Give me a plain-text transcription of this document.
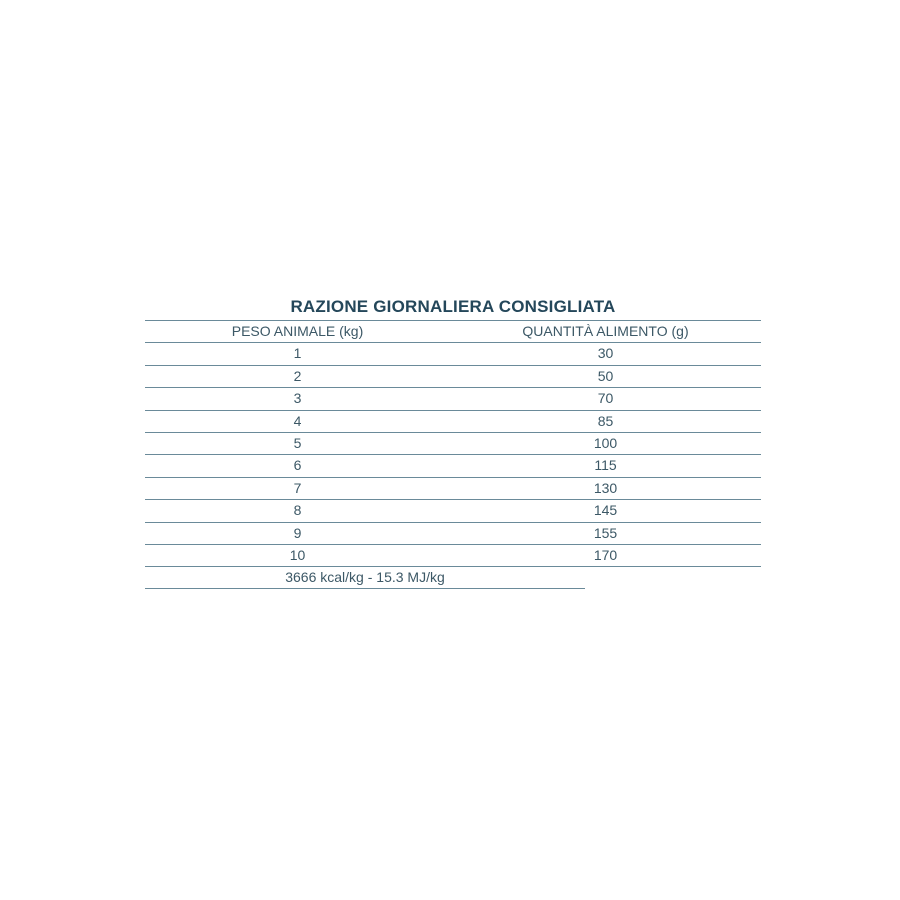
RAZIONE GIORNALIERA CONSIGLIATA
PESO ANIMALE (kg)	QUANTITÀ ALIMENTO (g)
1	30
2	50
3	70
4	85
5	100
6	115
7	130
8	145
9	155
10	170
3666 kcal/kg - 15.3 MJ/kg
